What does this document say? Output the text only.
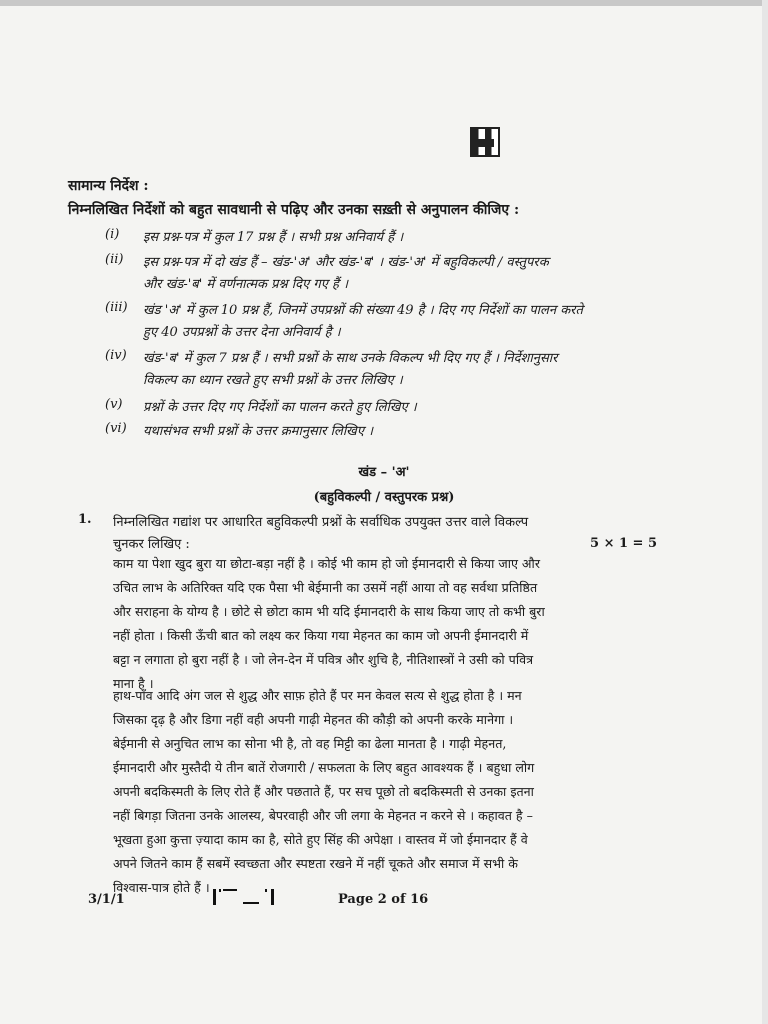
सामान्य निर्देश :
निम्नलिखित निर्देशों को बहुत सावधानी से पढ़िए और उनका सख़्ती से अनुपालन कीजिए :
(i)	इस प्रश्न-पत्र में कुल 17 प्रश्न हैं । सभी प्रश्न अनिवार्य हैं ।
(ii)	इस प्रश्न-पत्र में दो खंड हैं – खंड-'अ' और खंड-'ब' । खंड-'अ' में बहुविकल्पी / वस्तुपरक
और खंड-'ब' में वर्णनात्मक प्रश्न दिए गए हैं ।
(iii)	खंड 'अ' में कुल 10 प्रश्न हैं, जिनमें उपप्रश्नों की संख्या 49 है । दिए गए निर्देशों का पालन करते
हुए 40 उपप्रश्नों के उत्तर देना अनिवार्य है ।
(iv)	खंड-'ब' में कुल 7 प्रश्न हैं । सभी प्रश्नों के साथ उनके विकल्प भी दिए गए हैं । निर्देशानुसार
विकल्प का ध्यान रखते हुए सभी प्रश्नों के उत्तर लिखिए ।
(v)	प्रश्नों के उत्तर दिए गए निर्देशों का पालन करते हुए लिखिए ।
(vi)	यथासंभव सभी प्रश्नों के उत्तर क्रमानुसार लिखिए ।
खंड – 'अ'
(बहुविकल्पी / वस्तुपरक प्रश्न)
1. निम्नलिखित गद्यांश पर आधारित बहुविकल्पी प्रश्नों के सर्वाधिक उपयुक्त उत्तर वाले विकल्प
चुनकर लिखिए :	5 × 1 = 5
काम या पेशा खुद बुरा या छोटा-बड़ा नहीं है । कोई भी काम हो जो ईमानदारी से किया जाए और
उचित लाभ के अतिरिक्त यदि एक पैसा भी बेईमानी का उसमें नहीं आया तो वह सर्वथा प्रतिष्ठित
और सराहना के योग्य है । छोटे से छोटा काम भी यदि ईमानदारी के साथ किया जाए तो कभी बुरा
नहीं होता । किसी ऊँची बात को लक्ष्य कर किया गया मेहनत का काम जो अपनी ईमानदारी में
बट्टा न लगाता हो बुरा नहीं है । जो लेन-देन में पवित्र और शुचि है, नीतिशास्त्रों ने उसी को पवित्र
माना है ।
हाथ-पाँव आदि अंग जल से शुद्ध और साफ़ होते हैं पर मन केवल सत्य से शुद्ध होता है । मन
जिसका दृढ़ है और डिगा नहीं वही अपनी गाढ़ी मेहनत की कौड़ी को अपनी करके मानेगा ।
बेईमानी से अनुचित लाभ का सोना भी है, तो वह मिट्टी का ढेला मानता है । गाढ़ी मेहनत,
ईमानदारी और मुस्तैदी ये तीन बातें रोजगारी / सफलता के लिए बहुत आवश्यक हैं । बहुधा लोग
अपनी बदकिस्मती के लिए रोते हैं और पछताते हैं, पर सच पूछो तो बदकिस्मती से उनका इतना
नहीं बिगड़ा जितना उनके आलस्य, बेपरवाही और जी लगा के मेहनत न करने से । कहावत है –
भूखता हुआ कुत्ता ज़्यादा काम का है, सोते हुए सिंह की अपेक्षा । वास्तव में जो ईमानदार हैं वे
अपने जितने काम हैं सबमें स्वच्छता और स्पष्टता रखने में नहीं चूकते और समाज में सभी के
विश्वास-पात्र होते हैं ।
3/1/1	Page 2 of 16
